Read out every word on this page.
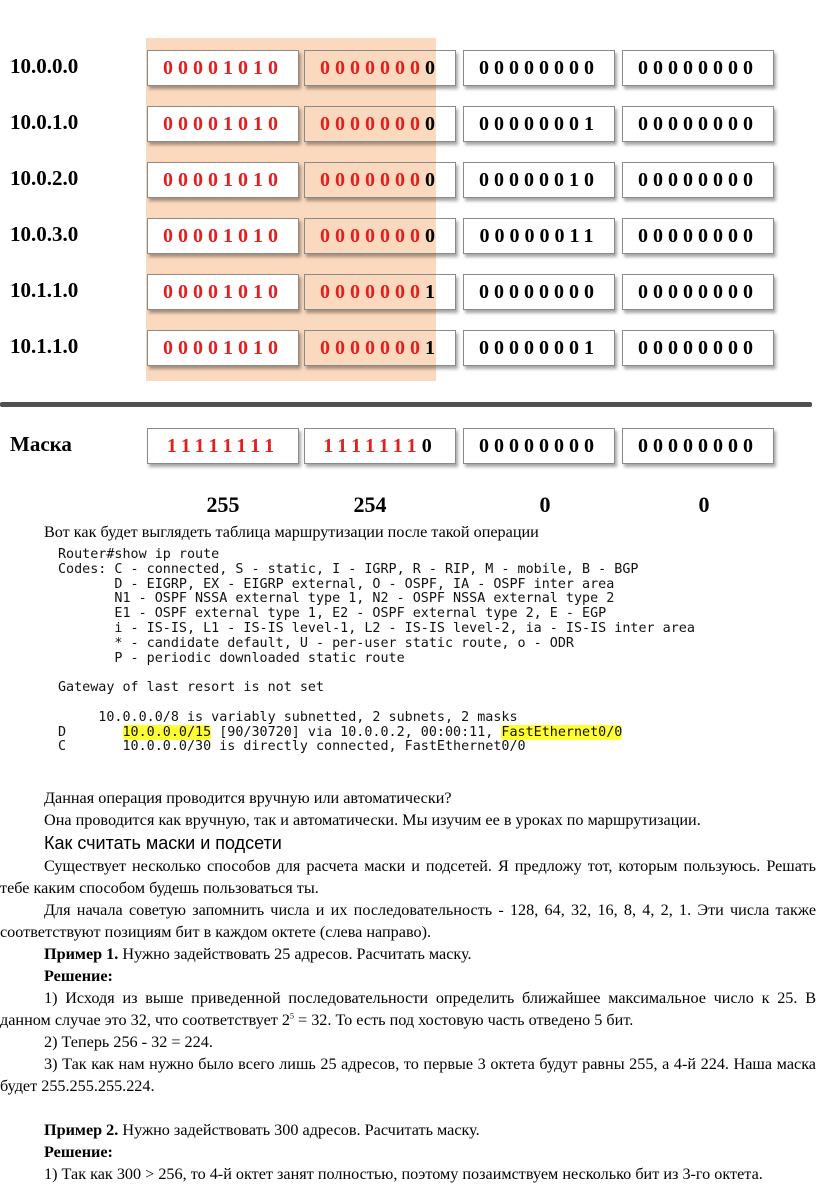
10.0.0.0	00001010	00000000	00000000	00000000
10.0.1.0	00001010	00000000	00000001	00000000
10.0.2.0	00001010	00000000	00000010	00000000
10.0.3.0	00001010	00000000	00000011	00000000
10.1.1.0	00001010	00000001	00000000	00000000
10.1.1.0	00001010	00000001	00000001	00000000
Маска	11111111	11111110	00000000	00000000
255	254	0	0

Вот как будет выглядеть таблица маршрутизации после такой операции

Router#show ip route
Codes: C - connected, S - static, I - IGRP, R - RIP, M - mobile, B - BGP
D - EIGRP, EX - EIGRP external, O - OSPF, IA - OSPF inter area
N1 - OSPF NSSA external type 1, N2 - OSPF NSSA external type 2
E1 - OSPF external type 1, E2 - OSPF external type 2, E - EGP
i - IS-IS, L1 - IS-IS level-1, L2 - IS-IS level-2, ia - IS-IS inter area
* - candidate default, U - per-user static route, o - ODR
P - periodic downloaded static route
Gateway of last resort is not set
10.0.0.0/8 is variably subnetted, 2 subnets, 2 masks
D       10.0.0.0/15 [90/30720] via 10.0.0.2, 00:00:11, FastEthernet0/0
C       10.0.0.0/30 is directly connected, FastEthernet0/0

Данная операция проводится вручную или автоматически?

Она проводится как вручную, так и автоматически. Мы изучим ее в уроках по маршрутизации.

Как считать маски и подсети

Существует несколько способов для расчета маски и подсетей. Я предложу тот, которым пользуюсь. Решать тебе каким способом будешь пользоваться ты.

Для начала советую запомнить числа и их последовательность - 128, 64, 32, 16, 8, 4, 2, 1. Эти числа также соответствуют позициям бит в каждом октете (слева направо).

Пример 1. Нужно задействовать 25 адресов. Расчитать маску.

Решение:

1) Исходя из выше приведенной последовательности определить ближайшее максимальное число к 25. В данном случае это 32, что соответствует $2^5 = 32$. То есть под хостовую часть отведено 5 бит.

2) Теперь 256 - 32 = 224.

3) Так как нам нужно было всего лишь 25 адресов, то первые 3 октета будут равны 255, а 4-й 224. Наша маска будет 255.255.255.224.

Пример 2. Нужно задействовать 300 адресов. Расчитать маску.

Решение:

1) Так как 300 > 256, то 4-й октет занят полностью, поэтому позаимствуем несколько бит из 3-го октета.
